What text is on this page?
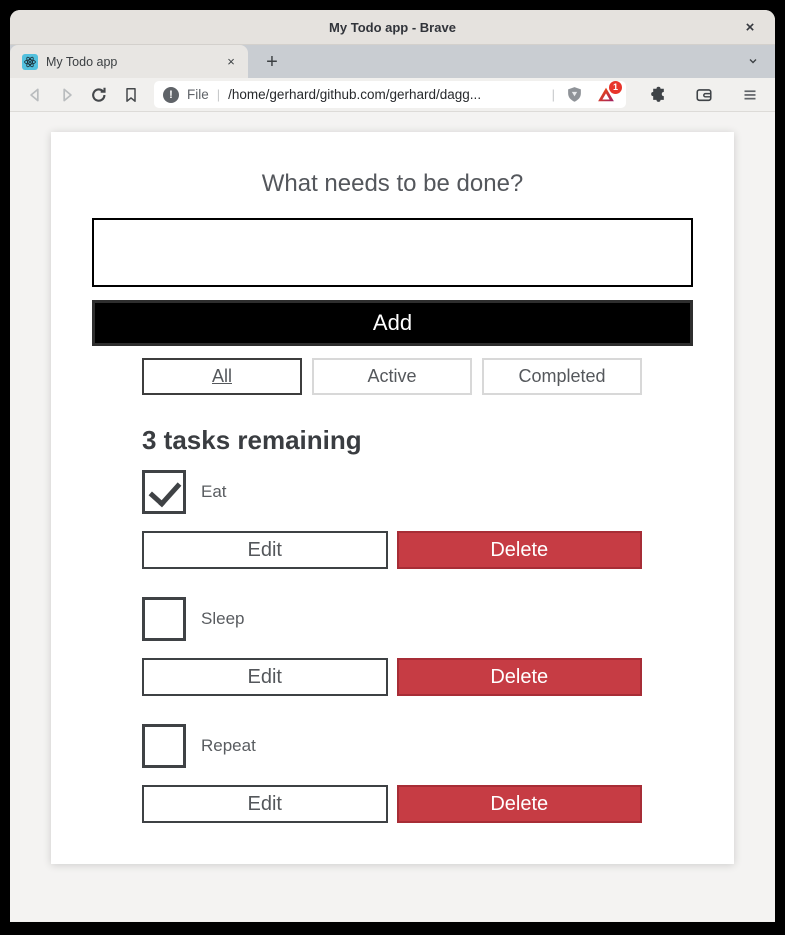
My Todo app - Brave	×
My Todo app	×	+
!	File | /home/gerhard/github.com/gerhard/dagg...	|	1
What needs to be done?
Add
All	Active	Completed
3 tasks remaining
Eat
Edit	Delete
Sleep
Edit	Delete
Repeat
Edit	Delete
